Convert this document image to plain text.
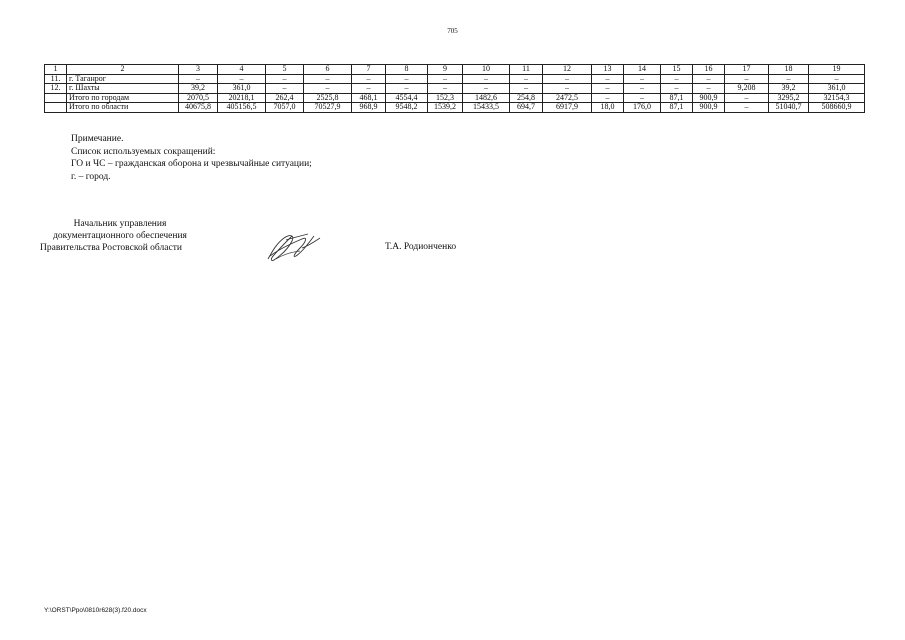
705
1	2	3	4	5	6	7	8	9	10	11	12	13	14	15	16	17	18	19
11.	г. Таганрог	–	–	–	–	–	–	–	–	–	–	–	–	–	–	–	–	–
12.	г. Шахты	39,2	361,0	–	–	–	–	–	–	–	–	–	–	–	–	9,208	39,2	361,0
	Итого по городам	2070,5	20218,1	262,4	2525,8	468,1	4554,4	152,3	1482,6	254,8	2472,5	–	–	87,1	900,9	–	3295,2	32154,3
	Итого по области	40675,8	405156,5	7057,0	70527,9	968,9	9548,2	1539,2	15433,5	694,7	6917,9	18,0	176,0	87,1	900,9	–	51040,7	508660,9
Примечание.
Список используемых сокращений:
ГО и ЧС – гражданская оборона и чрезвычайные ситуации;
г. – город.
Начальник управления
документационного обеспечения
Правительства Ростовской области	Т.А. Родионченко
Y:\ORST\Ppo\0810r628(3).f20.docx
